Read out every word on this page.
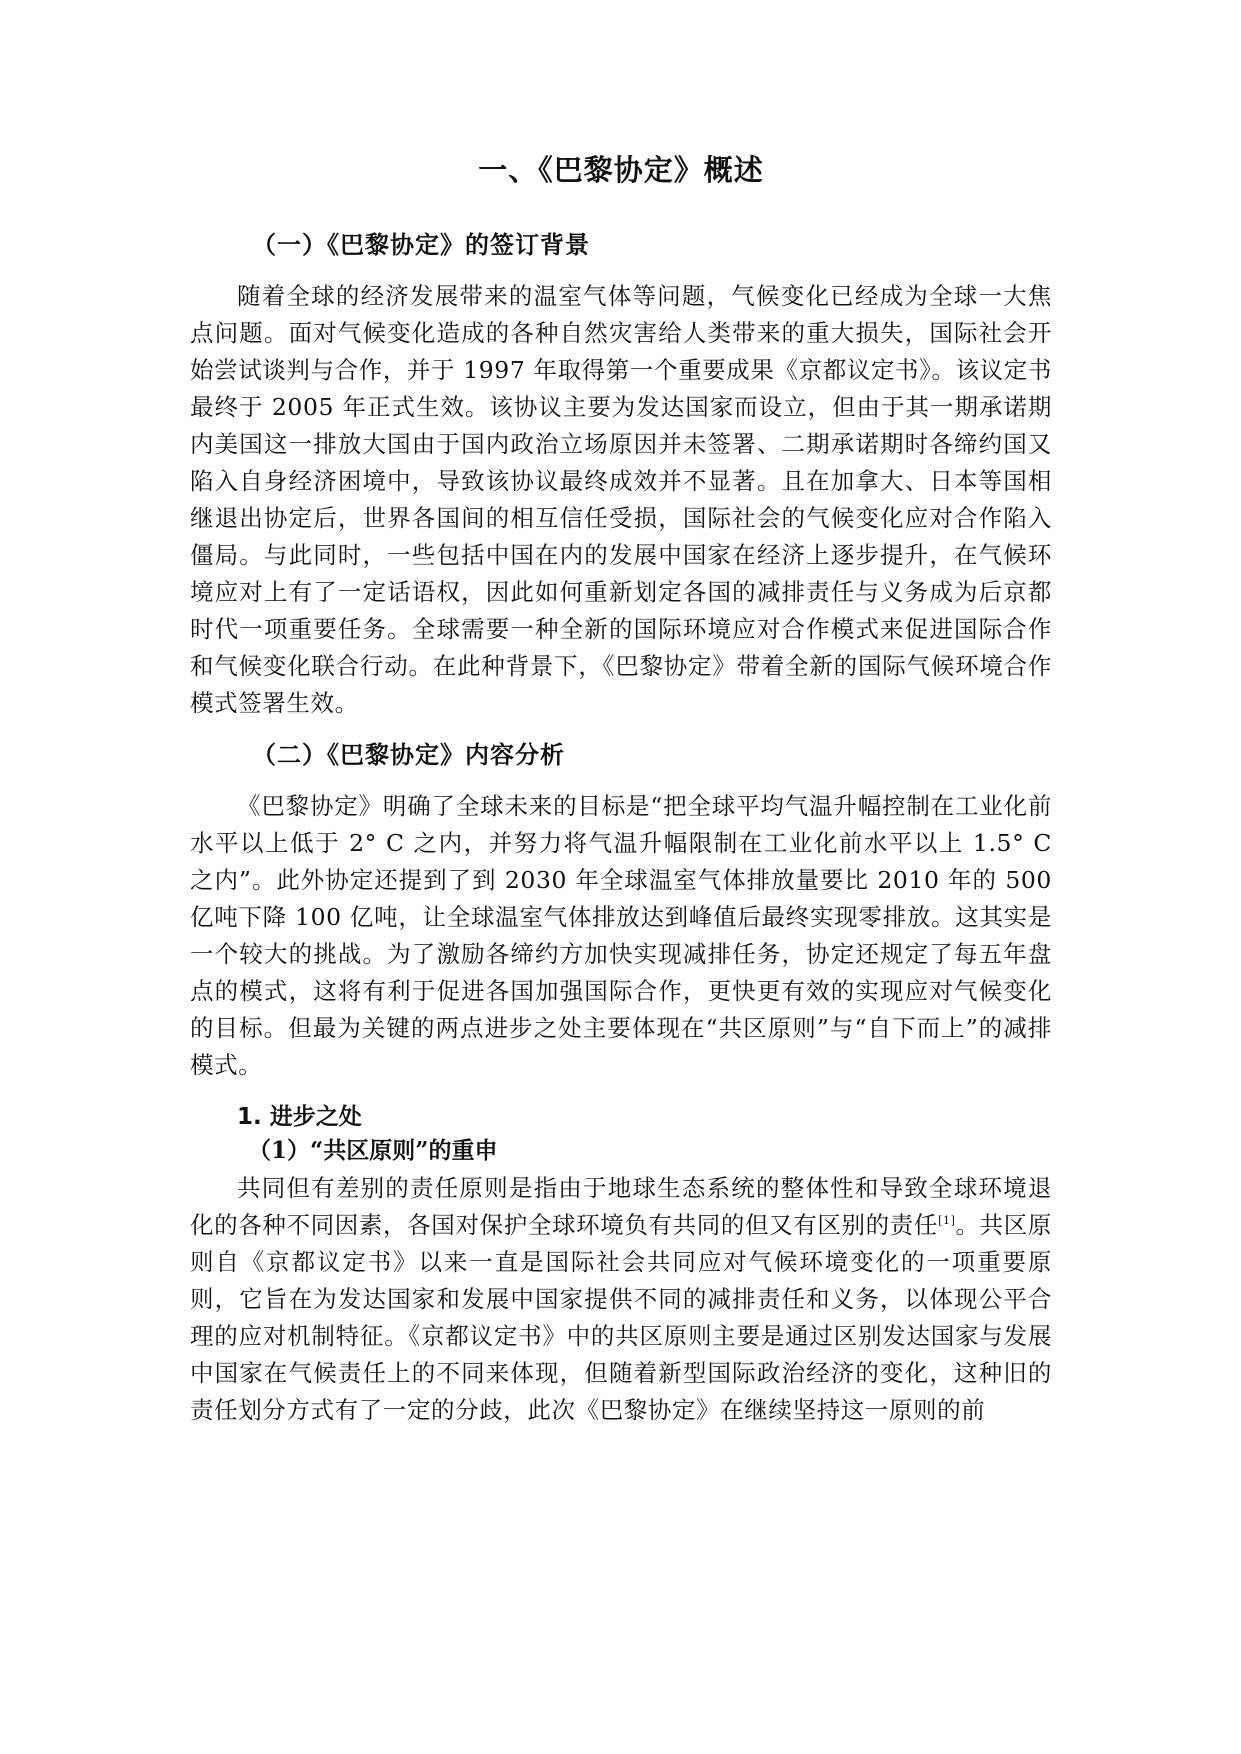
一、《巴黎协定》概述
（一）《巴黎协定》的签订背景

随着全球的经济发展带来的温室气体等问题，气候变化已经成为全球一大焦点问题。面对气候变化造成的各种自然灾害给人类带来的重大损失，国际社会开始尝试谈判与合作，并于 1997 年取得第一个重要成果《京都议定书》。该议定书最终于 2005 年正式生效。该协议主要为发达国家而设立，但由于其一期承诺期内美国这一排放大国由于国内政治立场原因并未签署、二期承诺期时各缔约国又陷入自身经济困境中，导致该协议最终成效并不显著。且在加拿大、日本等国相继退出协定后，世界各国间的相互信任受损，国际社会的气候变化应对合作陷入僵局。与此同时，一些包括中国在内的发展中国家在经济上逐步提升，在气候环境应对上有了一定话语权，因此如何重新划定各国的减排责任与义务成为后京都时代一项重要任务。全球需要一种全新的国际环境应对合作模式来促进国际合作和气候变化联合行动。在此种背景下，《巴黎协定》带着全新的国际气候环境合作模式签署生效。

（二）《巴黎协定》内容分析

《巴黎协定》明确了全球未来的目标是“把全球平均气温升幅控制在工业化前水平以上低于 2° C 之内，并努力将气温升幅限制在工业化前水平以上 1.5° C 之内”。此外协定还提到了到 2030 年全球温室气体排放量要比 2010 年的 500 亿吨下降 100 亿吨，让全球温室气体排放达到峰值后最终实现零排放。这其实是一个较大的挑战。为了激励各缔约方加快实现减排任务，协定还规定了每五年盘点的模式，这将有利于促进各国加强国际合作，更快更有效的实现应对气候变化的目标。但最为关键的两点进步之处主要体现在“共区原则”与“自下而上”的减排模式。

1. 进步之处
（1）“共区原则”的重申

共同但有差别的责任原则是指由于地球生态系统的整体性和导致全球环境退化的各种不同因素，各国对保护全球环境负有共同的但又有区别的责任[1]。共区原则自《京都议定书》以来一直是国际社会共同应对气候环境变化的一项重要原则，它旨在为发达国家和发展中国家提供不同的减排责任和义务，以体现公平合理的应对机制特征。《京都议定书》中的共区原则主要是通过区别发达国家与发展中国家在气候责任上的不同来体现，但随着新型国际政治经济的变化，这种旧的责任划分方式有了一定的分歧，此次《巴黎协定》在继续坚持这一原则的前
